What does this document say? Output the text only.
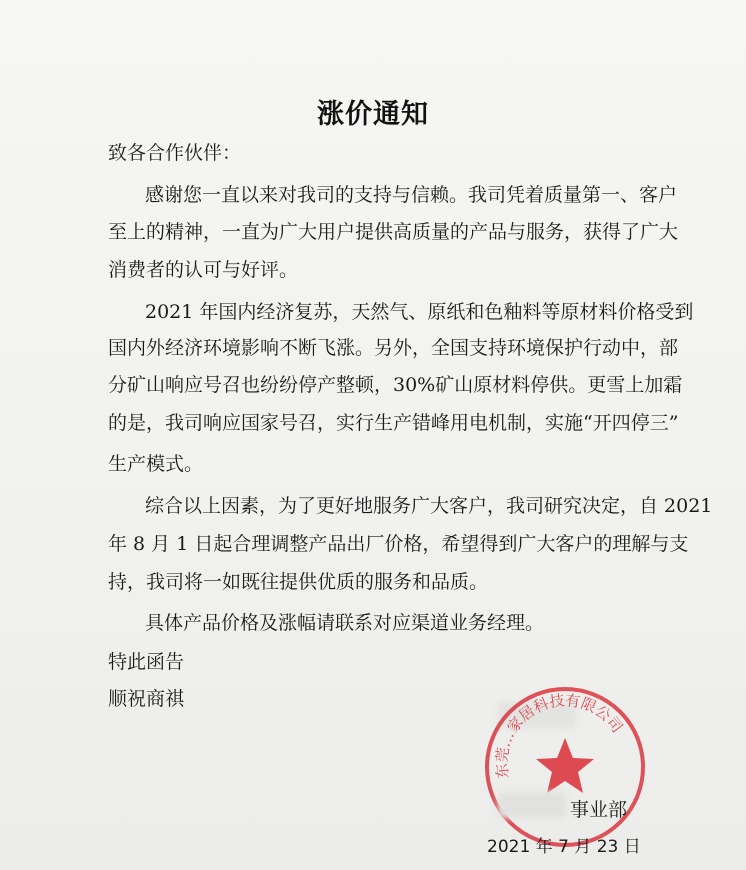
涨价通知
致各合作伙伴：
感谢您一直以来对我司的支持与信赖。我司凭着质量第一、客户
至上的精神，一直为广大用户提供高质量的产品与服务，获得了广大
消费者的认可与好评。
2021 年国内经济复苏，天然气、原纸和色釉料等原材料价格受到
国内外经济环境影响不断飞涨。另外，全国支持环境保护行动中，部
分矿山响应号召也纷纷停产整顿，30%矿山原材料停供。更雪上加霜
的是，我司响应国家号召，实行生产错峰用电机制，实施“开四停三”
生产模式。
综合以上因素，为了更好地服务广大客户，我司研究决定，自 2021
年 8 月 1 日起合理调整产品出厂价格，希望得到广大客户的理解与支
持，我司将一如既往提供优质的服务和品质。
具体产品价格及涨幅请联系对应渠道业务经理。
特此函告
顺祝商祺
东莞…家居科技有限公司
事业部
2021 年 7 月 23 日
